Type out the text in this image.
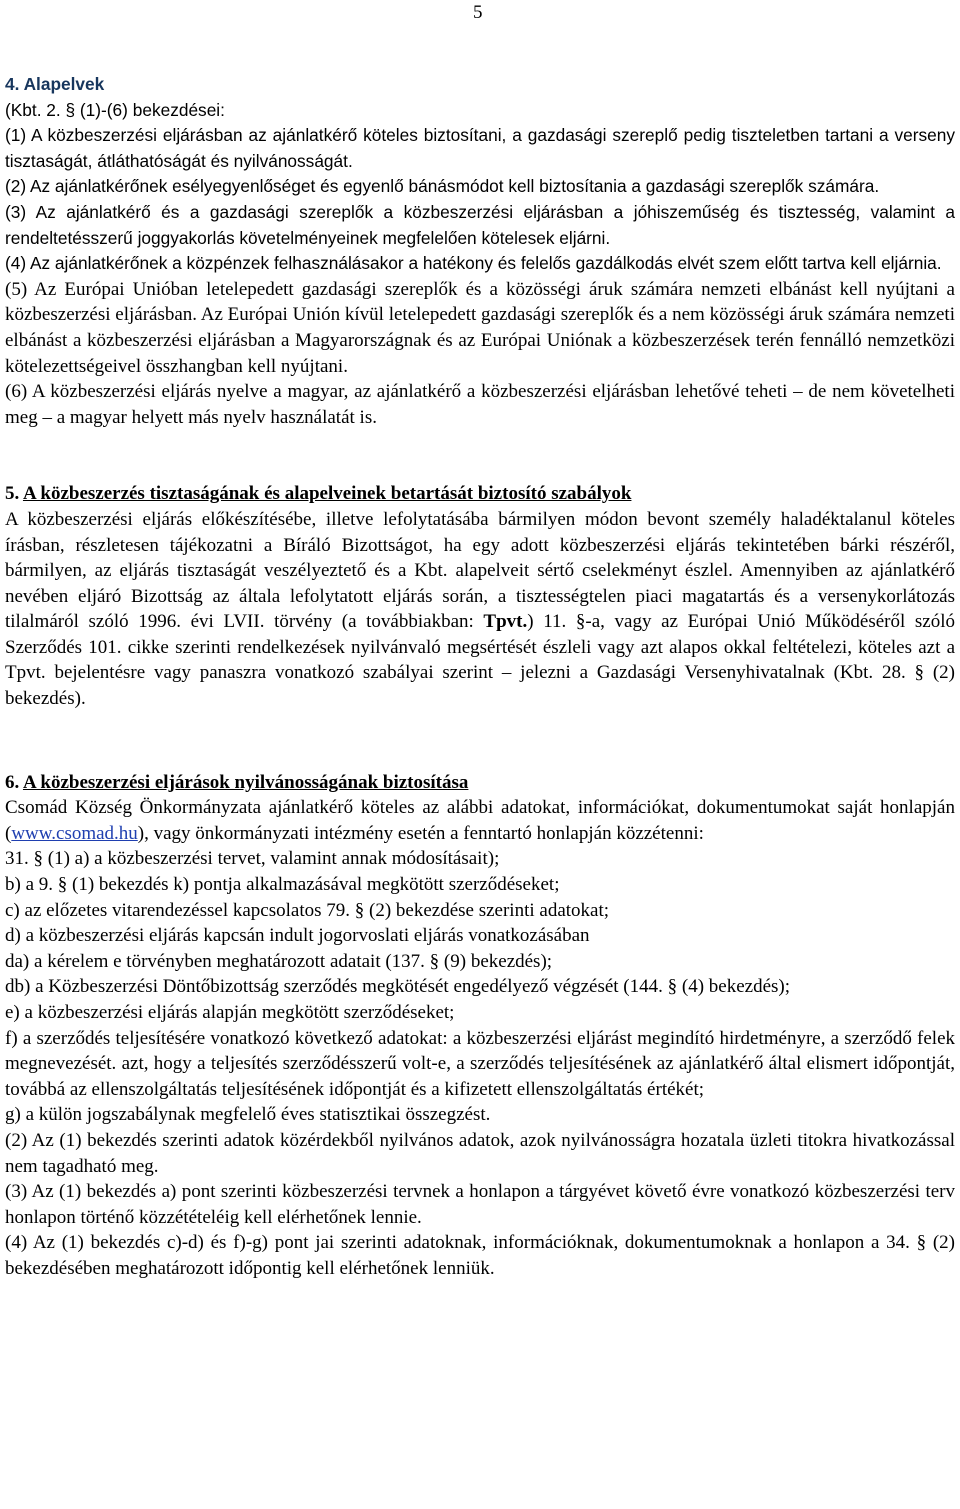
5

4. Alapelvek

(Kbt. 2. § (1)-(6) bekezdései:

(1) A közbeszerzési eljárásban az ajánlatkérő köteles biztosítani, a gazdasági szereplő pedig tiszteletben tartani a verseny tisztaságát, átláthatóságát és nyilvánosságát.

(2) Az ajánlatkérőnek esélyegyenlőséget és egyenlő bánásmódot kell biztosítania a gazdasági szereplők számára.

(3) Az ajánlatkérő és a gazdasági szereplők a közbeszerzési eljárásban a jóhiszeműség és tisztesség, valamint a rendeltetésszerű joggyakorlás követelményeinek megfelelően kötelesek eljárni.

(4) Az ajánlatkérőnek a közpénzek felhasználásakor a hatékony és felelős gazdálkodás elvét szem előtt tartva kell eljárnia.

(5) Az Európai Unióban letelepedett gazdasági szereplők és a közösségi áruk számára nemzeti elbánást kell nyújtani a közbeszerzési eljárásban. Az Európai Unión kívül letelepedett gazdasági szereplők és a nem közösségi áruk számára nemzeti elbánást a közbeszerzési eljárásban a Magyarországnak és az Európai Uniónak a közbeszerzések terén fennálló nemzetközi kötelezettségeivel összhangban kell nyújtani.

(6) A közbeszerzési eljárás nyelve a magyar, az ajánlatkérő a közbeszerzési eljárásban lehetővé teheti – de nem követelheti meg – a magyar helyett más nyelv használatát is.

5. A közbeszerzés tisztaságának és alapelveinek betartását biztosító szabályok

A közbeszerzési eljárás előkészítésébe, illetve lefolytatásába bármilyen módon bevont személy haladéktalanul köteles írásban, részletesen tájékozatni a Bíráló Bizottságot, ha egy adott közbeszerzési eljárás tekintetében bárki részéről, bármilyen, az eljárás tisztaságát veszélyeztető és a Kbt. alapelveit sértő cselekményt észlel. Amennyiben az ajánlatkérő nevében eljáró Bizottság az általa lefolytatott eljárás során, a tisztességtelen piaci magatartás és a versenykorlátozás tilalmáról szóló 1996. évi LVII. törvény (a továbbiakban: Tpvt.) 11. §-a, vagy az Európai Unió Működéséről szóló Szerződés 101. cikke szerinti rendelkezések nyilvánvaló megsértését észleli vagy azt alapos okkal feltételezi, köteles azt a Tpvt. bejelentésre vagy panaszra vonatkozó szabályai szerint – jelezni a Gazdasági Versenyhivatalnak (Kbt. 28. § (2) bekezdés).

6. A közbeszerzési eljárások nyilvánosságának biztosítása

Csomád Község Önkormányzata ajánlatkérő köteles az alábbi adatokat, információkat, dokumentumokat saját honlapján (www.csomad.hu), vagy önkormányzati intézmény esetén a fenntartó honlapján közzétenni:

31. § (1) a) a közbeszerzési tervet, valamint annak módosításait);

b) a 9. § (1) bekezdés k) pontja alkalmazásával megkötött szerződéseket;

c) az előzetes vitarendezéssel kapcsolatos 79. § (2) bekezdése szerinti adatokat;

d) a közbeszerzési eljárás kapcsán indult jogorvoslati eljárás vonatkozásában

da) a kérelem e törvényben meghatározott adatait (137. § (9) bekezdés);

db) a Közbeszerzési Döntőbizottság szerződés megkötését engedélyező végzését (144. § (4) bekezdés);

e) a közbeszerzési eljárás alapján megkötött szerződéseket;

f) a szerződés teljesítésére vonatkozó következő adatokat: a közbeszerzési eljárást megindító hirdetményre, a szerződő felek megnevezését. azt, hogy a teljesítés szerződésszerű volt-e, a szerződés teljesítésének az ajánlatkérő által elismert időpontját, továbbá az ellenszolgáltatás teljesítésének időpontját és a kifizetett ellenszolgáltatás értékét;

g) a külön jogszabálynak megfelelő éves statisztikai összegzést.

(2) Az (1) bekezdés szerinti adatok közérdekből nyilvános adatok, azok nyilvánosságra hozatala üzleti titokra hivatkozással nem tagadható meg.

(3) Az (1) bekezdés a) pont szerinti közbeszerzési tervnek a honlapon a tárgyévet követő évre vonatkozó közbeszerzési terv honlapon történő közzétételéig kell elérhetőnek lennie.

(4) Az (1) bekezdés c)-d) és f)-g) pont jai szerinti adatoknak, információknak, dokumentumoknak a honlapon a 34. § (2) bekezdésében meghatározott időpontig kell elérhetőnek lenniük.
